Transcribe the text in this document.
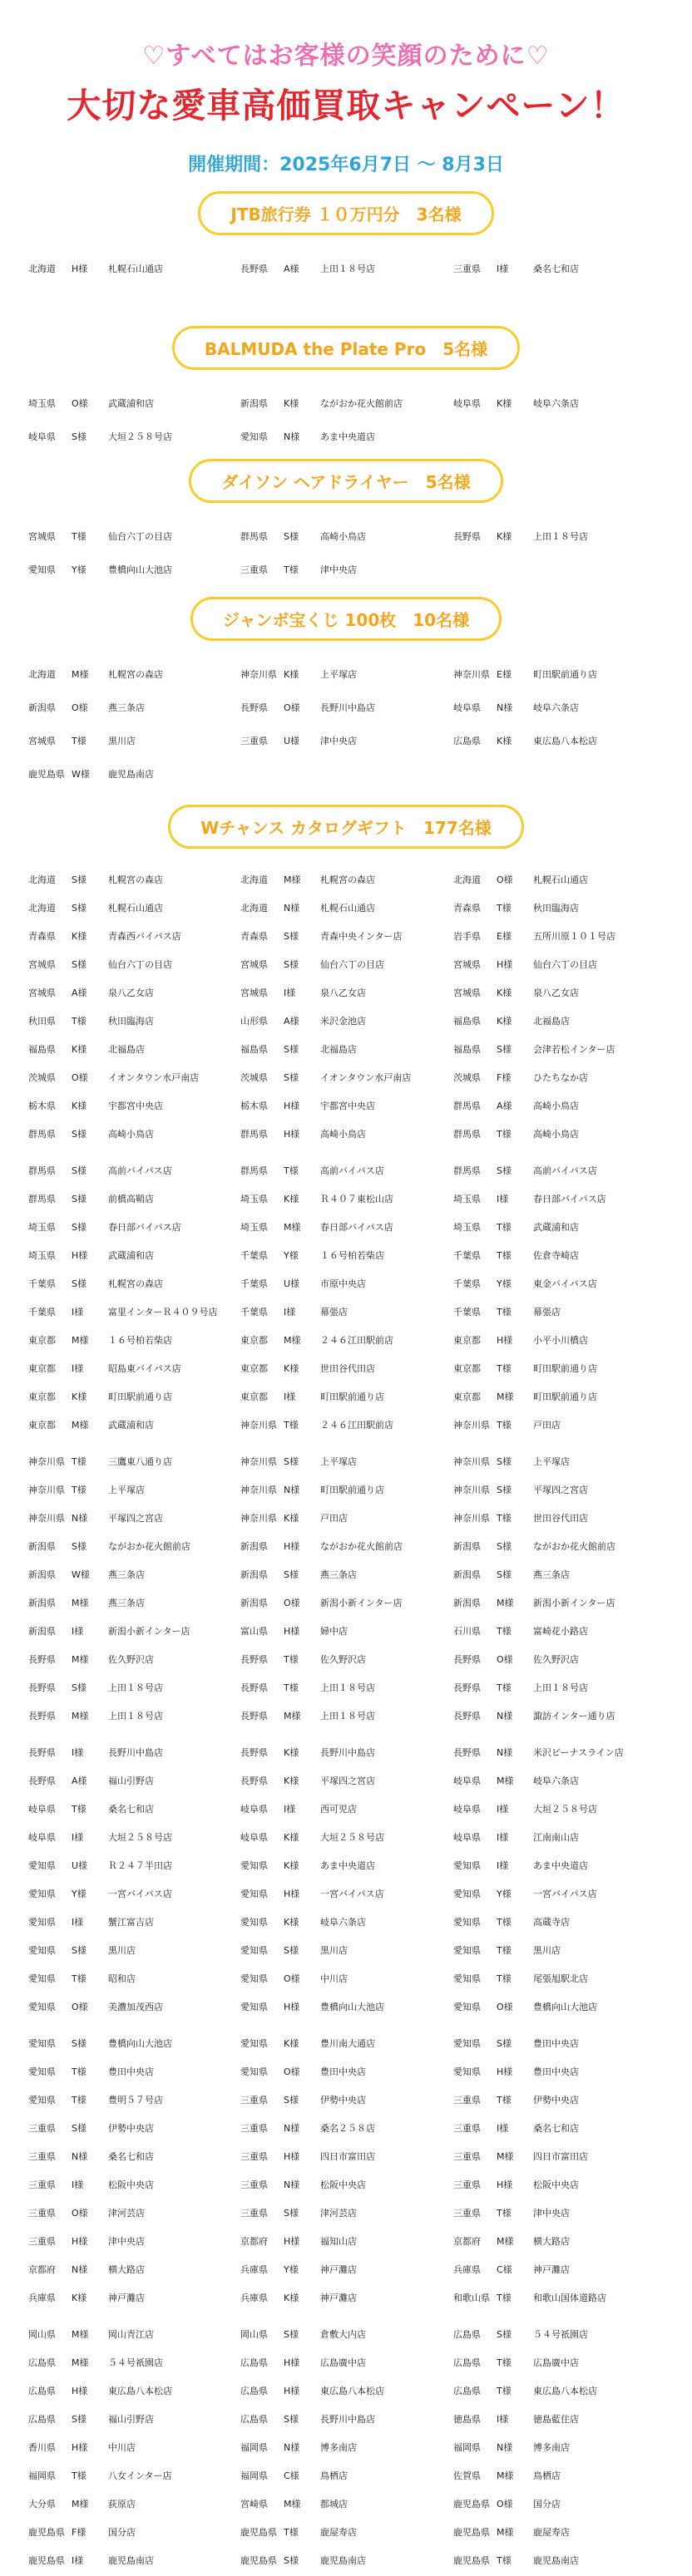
♡すべてはお客様の笑顔のために♡
大切な愛車高価買取キャンペーン！
開催期間：2025年6月7日 ～ 8月3日
JTB旅行券 １０万円分　3名様
北海道	H様	札幌石山通店	長野県	A様	上田１８号店	三重県	I様	桑名七和店
BALMUDA the Plate Pro　5名様
埼玉県	O様	武蔵浦和店	新潟県	K様	ながおか花火館前店	岐阜県	K様	岐阜六条店
岐阜県	S様	大垣２５８号店	愛知県	N様	あま中央道店
ダイソン ヘアドライヤー　5名様
宮城県	T様	仙台六丁の目店	群馬県	S様	高崎小鳥店	長野県	K様	上田１８号店
愛知県	Y様	豊橋向山大池店	三重県	T様	津中央店
ジャンボ宝くじ 100枚　10名様
北海道	M様	札幌宮の森店	神奈川県 K様	上平塚店	神奈川県 E様	町田駅前通り店
新潟県	O様	燕三条店	長野県	O様	長野川中島店	岐阜県	N様	岐阜六条店
宮城県	T様	黒川店	三重県	U様	津中央店	広島県	K様	東広島八本松店
鹿児島県 W様	鹿児島南店
Wチャンス カタログギフト　177名様
北海道	S様	札幌宮の森店	北海道	M様	札幌宮の森店	北海道	O様	札幌石山通店
北海道	S様	札幌石山通店	北海道	N様	札幌石山通店	青森県	T様	秋田臨海店
青森県	K様	青森西バイパス店	青森県	S様	青森中央インター店	岩手県	E様	五所川原１０１号店
宮城県	S様	仙台六丁の目店	宮城県	S様	仙台六丁の目店	宮城県	H様	仙台六丁の目店
宮城県	A様	泉八乙女店	宮城県	I様	泉八乙女店	宮城県	K様	泉八乙女店
秋田県	T様	秋田臨海店	山形県	A様	米沢金池店	福島県	K様	北福島店
福島県	K様	北福島店	福島県	S様	北福島店	福島県	S様	会津若松インター店
茨城県	O様	イオンタウン水戸南店	茨城県	S様	イオンタウン水戸南店	茨城県	F様	ひたちなか店
栃木県	K様	宇都宮中央店	栃木県	H様	宇都宮中央店	群馬県	A様	高崎小鳥店
群馬県	S様	高崎小鳥店	群馬県	H様	高崎小鳥店	群馬県	T様	高崎小鳥店
群馬県	S様	高前バイパス店	群馬県	T様	高前バイパス店	群馬県	S様	高前バイパス店
群馬県	S様	前橋高鞘店	埼玉県	K様	Ｒ４０７東松山店	埼玉県	I様	春日部バイパス店
埼玉県	S様	春日部バイパス店	埼玉県	M様	春日部バイパス店	埼玉県	T様	武蔵浦和店
埼玉県	H様	武蔵浦和店	千葉県	Y様	１６号柏若柴店	千葉県	T様	佐倉寺崎店
千葉県	S様	札幌宮の森店	千葉県	U様	市原中央店	千葉県	Y様	東金バイパス店
千葉県	I様	富里インターＲ４０９号店	千葉県	I様	幕張店	千葉県	T様	幕張店
東京都	M様	１６号柏若柴店	東京都	M様	２４６江田駅前店	東京都	H様	小平小川橋店
東京都	I様	昭島東バイパス店	東京都	K様	世田谷代田店	東京都	T様	町田駅前通り店
東京都	K様	町田駅前通り店	東京都	I様	町田駅前通り店	東京都	M様	町田駅前通り店
東京都	M様	武蔵浦和店	神奈川県 T様	２４６江田駅前店	神奈川県 T様	戸田店
神奈川県 T様	三鷹東八通り店	神奈川県 S様	上平塚店	神奈川県 S様	上平塚店
神奈川県 T様	上平塚店	神奈川県 N様	町田駅前通り店	神奈川県 S様	平塚四之宮店
神奈川県 N様	平塚四之宮店	神奈川県 K様	戸田店	神奈川県 T様	世田谷代田店
新潟県	S様	ながおか花火館前店	新潟県	H様	ながおか花火館前店	新潟県	S様	ながおか花火館前店
新潟県	W様	燕三条店	新潟県	S様	燕三条店	新潟県	S様	燕三条店
新潟県	M様	燕三条店	新潟県	O様	新潟小新インター店	新潟県	M様	新潟小新インター店
新潟県	I様	新潟小新インター店	富山県	H様	婦中店	石川県	T様	富崎花小路店
長野県	M様	佐久野沢店	長野県	T様	佐久野沢店	長野県	O様	佐久野沢店
長野県	S様	上田１８号店	長野県	T様	上田１８号店	長野県	T様	上田１８号店
長野県	M様	上田１８号店	長野県	M様	上田１８号店	長野県	N様	諏訪インター通り店
長野県	I様	長野川中島店	長野県	K様	長野川中島店	長野県	N様	米沢ビーナスライン店
長野県	A様	福山引野店	長野県	K様	平塚四之宮店	岐阜県	M様	岐阜六条店
岐阜県	T様	桑名七和店	岐阜県	I様	西可児店	岐阜県	I様	大垣２５８号店
岐阜県	I様	大垣２５８号店	岐阜県	K様	大垣２５８号店	岐阜県	I様	江南南山店
愛知県	U様	Ｒ２４７半田店	愛知県	K様	あま中央道店	愛知県	I様	あま中央道店
愛知県	Y様	一宮バイパス店	愛知県	H様	一宮バイパス店	愛知県	Y様	一宮バイパス店
愛知県	I様	蟹江富吉店	愛知県	K様	岐阜六条店	愛知県	T様	高蔵寺店
愛知県	S様	黒川店	愛知県	S様	黒川店	愛知県	T様	黒川店
愛知県	T様	昭和店	愛知県	O様	中川店	愛知県	T様	尾張旭駅北店
愛知県	O様	美濃加茂西店	愛知県	H様	豊橋向山大池店	愛知県	O様	豊橋向山大池店
愛知県	S様	豊橋向山大池店	愛知県	K様	豊川南大通店	愛知県	S様	豊田中央店
愛知県	T様	豊田中央店	愛知県	O様	豊田中央店	愛知県	H様	豊田中央店
愛知県	T様	豊明５７号店	三重県	S様	伊勢中央店	三重県	T様	伊勢中央店
三重県	S様	伊勢中央店	三重県	N様	桑名２５８店	三重県	I様	桑名七和店
三重県	N様	桑名七和店	三重県	H様	四日市富田店	三重県	M様	四日市富田店
三重県	I様	松阪中央店	三重県	N様	松阪中央店	三重県	H様	松阪中央店
三重県	O様	津河芸店	三重県	S様	津河芸店	三重県	T様	津中央店
三重県	H様	津中央店	京都府	H様	福知山店	京都府	M様	横大路店
京都府	N様	横大路店	兵庫県	Y様	神戸灘店	兵庫県	C様	神戸灘店
兵庫県	K様	神戸灘店	兵庫県	K様	神戸灘店	和歌山県 T様	和歌山国体道路店
岡山県	M様	岡山青江店	岡山県	S様	倉敷大内店	広島県	S様	５４号祇園店
広島県	M様	５４号祇園店	広島県	H様	広島廣中店	広島県	T様	広島廣中店
広島県	H様	東広島八本松店	広島県	H様	東広島八本松店	広島県	T様	東広島八本松店
広島県	S様	福山引野店	広島県	S様	長野川中島店	徳島県	I様	徳島藍住店
香川県	H様	中川店	福岡県	N様	博多南店	福岡県	N様	博多南店
福岡県	T様	八女インター店	福岡県	C様	鳥栖店	佐賀県	M様	鳥栖店
大分県	M様	荻原店	宮崎県	M様	都城店	鹿児島県 O様	国分店
鹿児島県 F様	国分店	鹿児島県 T様	鹿屋寿店	鹿児島県 M様	鹿屋寿店
鹿児島県 I様	鹿児島南店	鹿児島県 S様	鹿児島南店	鹿児島県 T様	鹿児島南店
